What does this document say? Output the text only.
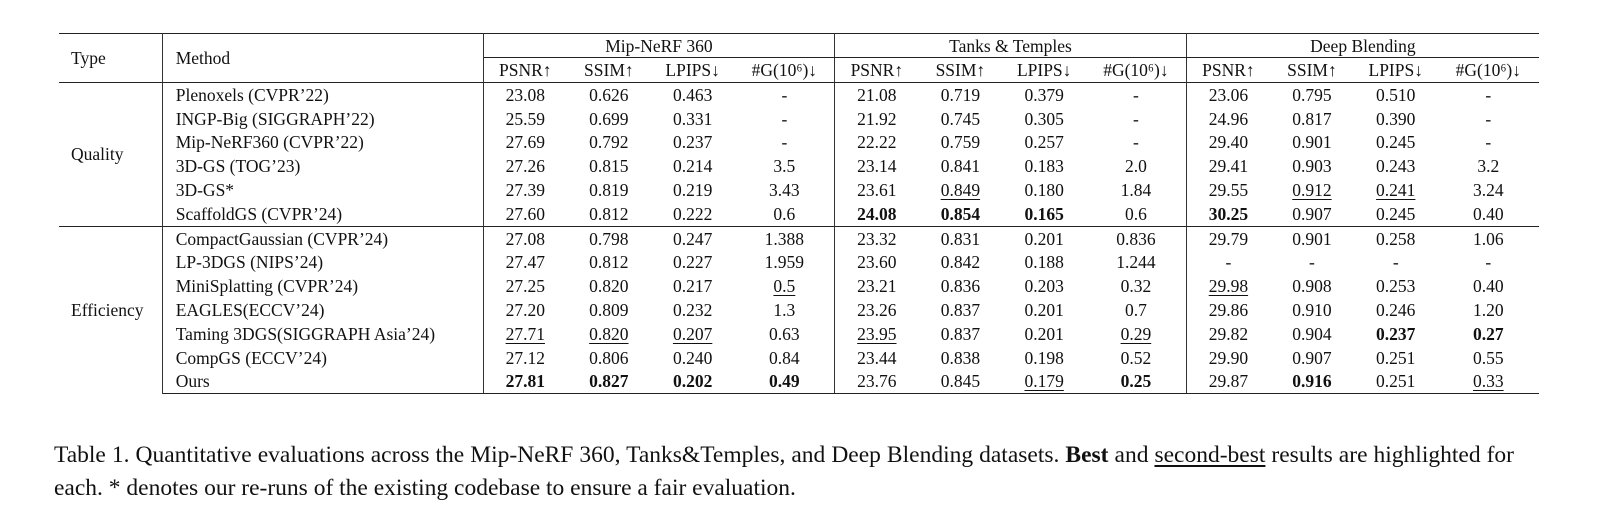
Type	Method	Mip-NeRF 360				Tanks & Temples				Deep Blending			
		PSNR↑	SSIM↑	LPIPS↓	#G(10⁶)↓	PSNR↑	SSIM↑	LPIPS↓	#G(10⁶)↓	PSNR↑	SSIM↑	LPIPS↓	#G(10⁶)↓
Quality	Plenoxels (CVPR’22)	23.08	0.626	0.463	-	21.08	0.719	0.379	-	23.06	0.795	0.510	-
	INGP-Big (SIGGRAPH’22)	25.59	0.699	0.331	-	21.92	0.745	0.305	-	24.96	0.817	0.390	-
	Mip-NeRF360 (CVPR’22)	27.69	0.792	0.237	-	22.22	0.759	0.257	-	29.40	0.901	0.245	-
	3D-GS (TOG’23)	27.26	0.815	0.214	3.5	23.14	0.841	0.183	2.0	29.41	0.903	0.243	3.2
	3D-GS*	27.39	0.819	0.219	3.43	23.61	0.849	0.180	1.84	29.55	0.912	0.241	3.24
	ScaffoldGS (CVPR’24)	27.60	0.812	0.222	0.6	24.08	0.854	0.165	0.6	30.25	0.907	0.245	0.40
Efficiency	CompactGaussian (CVPR’24)	27.08	0.798	0.247	1.388	23.32	0.831	0.201	0.836	29.79	0.901	0.258	1.06
	LP-3DGS (NIPS’24)	27.47	0.812	0.227	1.959	23.60	0.842	0.188	1.244	-	-	-	-
	MiniSplatting (CVPR’24)	27.25	0.820	0.217	0.5	23.21	0.836	0.203	0.32	29.98	0.908	0.253	0.40
	EAGLES(ECCV’24)	27.20	0.809	0.232	1.3	23.26	0.837	0.201	0.7	29.86	0.910	0.246	1.20
	Taming 3DGS(SIGGRAPH Asia’24)	27.71	0.820	0.207	0.63	23.95	0.837	0.201	0.29	29.82	0.904	0.237	0.27
	CompGS (ECCV’24)	27.12	0.806	0.240	0.84	23.44	0.838	0.198	0.52	29.90	0.907	0.251	0.55
	Ours	27.81	0.827	0.202	0.49	23.76	0.845	0.179	0.25	29.87	0.916	0.251	0.33

Table 1. Quantitative evaluations across the Mip-NeRF 360, Tanks&Temples, and Deep Blending datasets. Best and second-best results are highlighted for each. * denotes our re-runs of the existing codebase to ensure a fair evaluation.
